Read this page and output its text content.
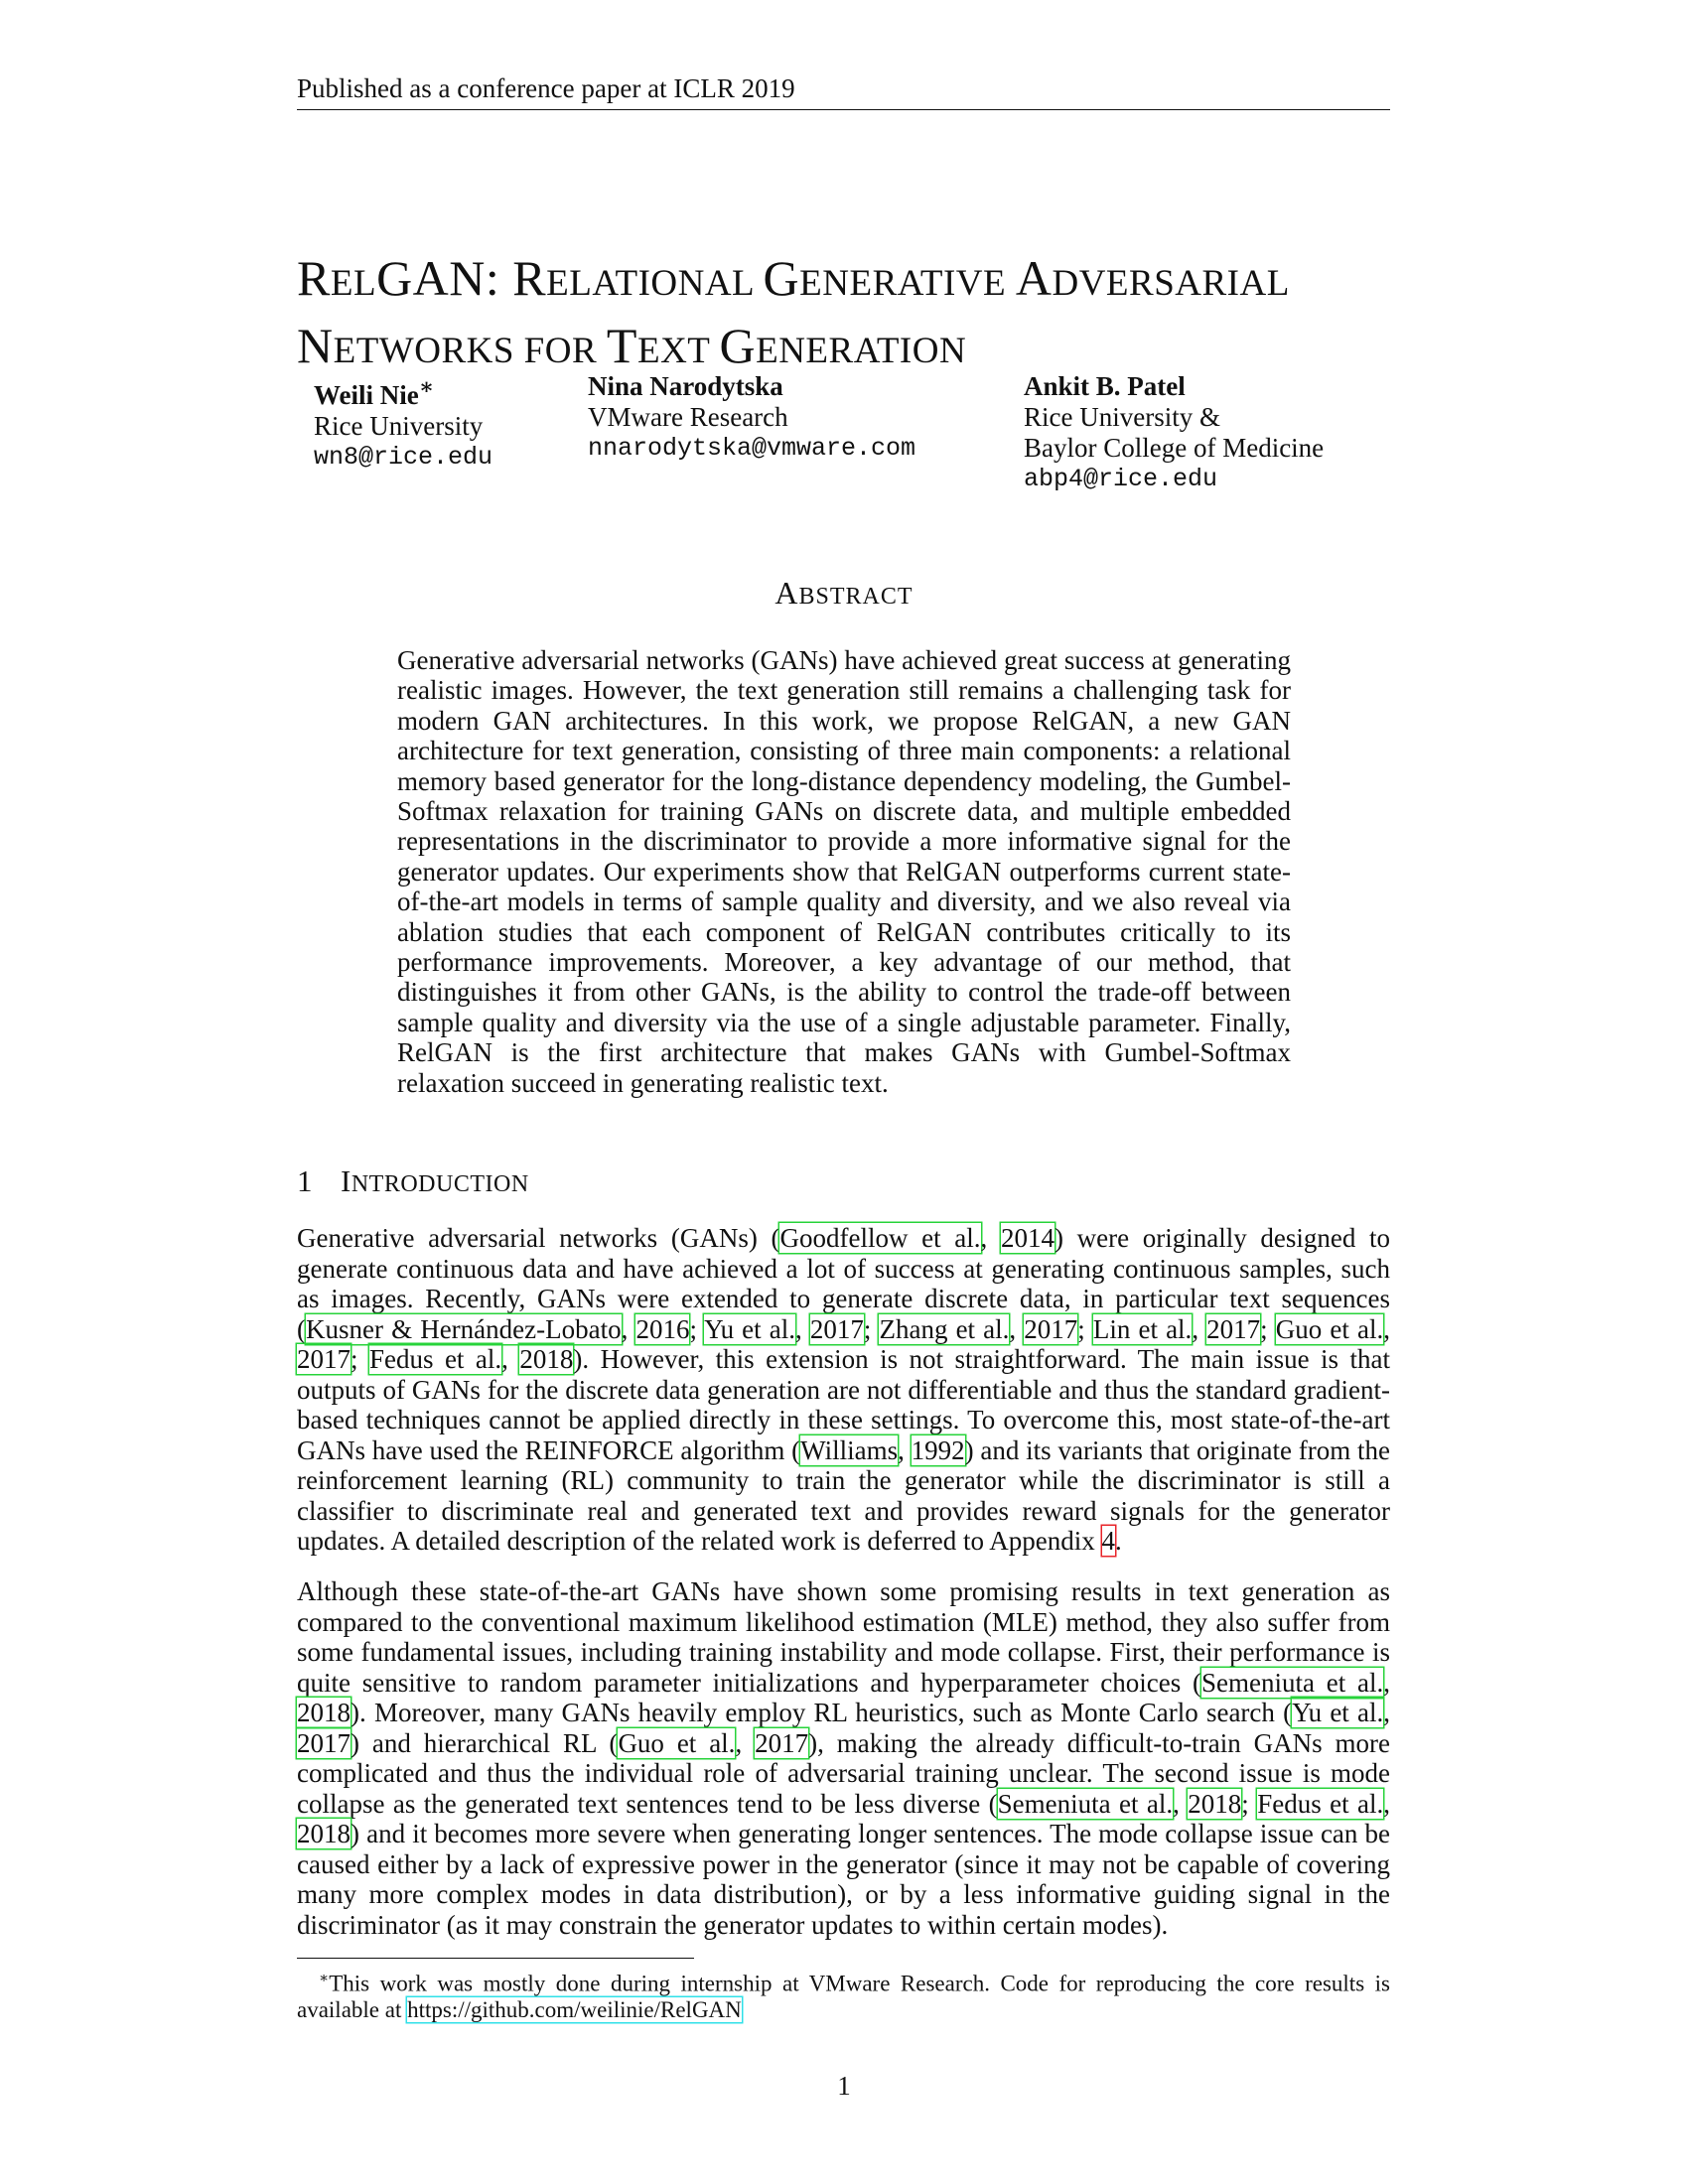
Published as a conference paper at ICLR 2019
RELGAN: RELATIONAL GENERATIVE ADVERSARIAL
NETWORKS FOR TEXT GENERATION
Weili Nie∗
Rice University
wn8@rice.edu
Nina Narodytska
VMware Research
nnarodytska@vmware.com
Ankit B. Patel
Rice University &
Baylor College of Medicine
abp4@rice.edu
ABSTRACT

Generative adversarial networks (GANs) have achieved great success at generating realistic images. However, the text generation still remains a challenging task for modern GAN architectures. In this work, we propose RelGAN, a new GAN architecture for text generation, consisting of three main components: a relational memory based generator for the long-distance dependency modeling, the Gumbel-Softmax relaxation for training GANs on discrete data, and multiple embedded representations in the discriminator to provide a more informative signal for the generator updates. Our experiments show that RelGAN outperforms current state-of-the-art models in terms of sample quality and diversity, and we also reveal via ablation studies that each component of RelGAN contributes critically to its performance improvements. Moreover, a key advantage of our method, that distinguishes it from other GANs, is the ability to control the trade-off between sample quality and diversity via the use of a single adjustable parameter. Finally, RelGAN is the first architecture that makes GANs with Gumbel-Softmax relaxation succeed in generating realistic text.

1 INTRODUCTION

Generative adversarial networks (GANs) (Goodfellow et al., 2014) were originally designed to generate continuous data and have achieved a lot of success at generating continuous samples, such as images. Recently, GANs were extended to generate discrete data, in particular text sequences (Kusner & Hernández-Lobato, 2016; Yu et al., 2017; Zhang et al., 2017; Lin et al., 2017; Guo et al., 2017; Fedus et al., 2018). However, this extension is not straightforward. The main issue is that outputs of GANs for the discrete data generation are not differentiable and thus the standard gradient-based techniques cannot be applied directly in these settings. To overcome this, most state-of-the-art GANs have used the REINFORCE algorithm (Williams, 1992) and its variants that originate from the reinforcement learning (RL) community to train the generator while the discriminator is still a classifier to discriminate real and generated text and provides reward signals for the generator updates. A detailed description of the related work is deferred to Appendix 4.

Although these state-of-the-art GANs have shown some promising results in text generation as compared to the conventional maximum likelihood estimation (MLE) method, they also suffer from some fundamental issues, including training instability and mode collapse. First, their performance is quite sensitive to random parameter initializations and hyperparameter choices (Semeniuta et al., 2018). Moreover, many GANs heavily employ RL heuristics, such as Monte Carlo search (Yu et al., 2017) and hierarchical RL (Guo et al., 2017), making the already difficult-to-train GANs more complicated and thus the individual role of adversarial training unclear. The second issue is mode collapse as the generated text sentences tend to be less diverse (Semeniuta et al., 2018; Fedus et al., 2018) and it becomes more severe when generating longer sentences. The mode collapse issue can be caused either by a lack of expressive power in the generator (since it may not be capable of covering many more complex modes in data distribution), or by a less informative guiding signal in the discriminator (as it may constrain the generator updates to within certain modes).

∗This work was mostly done during internship at VMware Research. Code for reproducing the core results is available at https://github.com/weilinie/RelGAN

1
